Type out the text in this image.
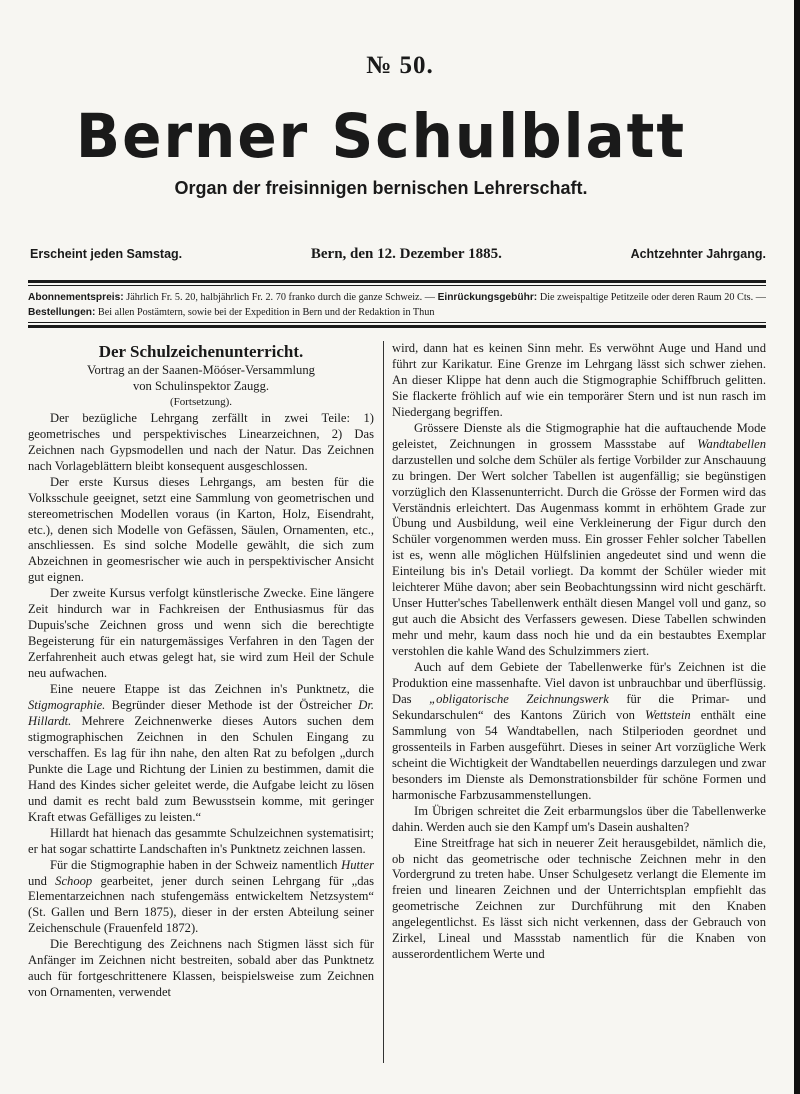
№ 50.
Berner Schulblatt
Organ der freisinnigen bernischen Lehrerschaft.
Erscheint jeden Samstag.	Bern, den 12. Dezember 1885.	Achtzehnter Jahrgang.
Abonnementspreis: Jährlich Fr. 5. 20, halbjährlich Fr. 2. 70 franko durch die ganze Schweiz. — Einrückungsgebühr: Die zweispaltige Petitzeile oder deren Raum 20 Cts. — Bestellungen: Bei allen Postämtern, sowie bei der Expedition in Bern und der Redaktion in Thun

Der Schulzeichenunterricht.

Vortrag an der Saanen-Möóser-Versammlung

von Schulinspektor Zaugg.

(Fortsetzung).

Der bezügliche Lehrgang zerfällt in zwei Teile: 1) geometrisches und perspektivisches Linearzeichnen, 2) Das Zeichnen nach Gypsmodellen und nach der Natur. Das Zeichnen nach Vorlageblättern bleibt konsequent ausgeschlossen.

Der erste Kursus dieses Lehrgangs, am besten für die Volksschule geeignet, setzt eine Sammlung von geometrischen und stereometrischen Modellen voraus (in Karton, Holz, Eisendraht, etc.), denen sich Modelle von Gefässen, Säulen, Ornamenten, etc., anschliessen. Es sind solche Modelle gewählt, die sich zum Abzeichnen in geomesrischer wie auch in perspektivischer Ansicht gut eignen.

Der zweite Kursus verfolgt künstlerische Zwecke. Eine längere Zeit hindurch war in Fachkreisen der Enthusiasmus für das Dupuis'sche Zeichnen gross und wenn sich die berechtigte Begeisterung für ein naturgemässiges Verfahren in den Tagen der Zerfahrenheit auch etwas gelegt hat, sie wird zum Heil der Schule neu aufwachen.

Eine neuere Etappe ist das Zeichnen in's Punktnetz, die Stigmographie. Begründer dieser Methode ist der Östreicher Dr. Hillardt. Mehrere Zeichnenwerke dieses Autors suchen dem stigmographischen Zeichnen in den Schulen Eingang zu verschaffen. Es lag für ihn nahe, den alten Rat zu befolgen „durch Punkte die Lage und Richtung der Linien zu bestimmen, damit die Hand des Kindes sicher geleitet werde, die Aufgabe leicht zu lösen und damit es recht bald zum Bewusstsein komme, mit geringer Kraft etwas Gefälliges zu leisten.“

Hillardt hat hienach das gesammte Schulzeichnen systematisirt; er hat sogar schattirte Landschaften in's Punktnetz zeichnen lassen.

Für die Stigmographie haben in der Schweiz namentlich Hutter und Schoop gearbeitet, jener durch seinen Lehrgang für „das Elementarzeichnen nach stufengemäss entwickeltem Netzsystem“ (St. Gallen und Bern 1875), dieser in der ersten Abteilung seiner Zeichenschule (Frauenfeld 1872).

Die Berechtigung des Zeichnens nach Stigmen lässt sich für Anfänger im Zeichnen nicht bestreiten, sobald aber das Punktnetz auch für fortgeschrittenere Klassen, beispielsweise zum Zeichnen von Ornamenten, verwendet

wird, dann hat es keinen Sinn mehr. Es verwöhnt Auge und Hand und führt zur Karikatur. Eine Grenze im Lehrgang lässt sich schwer ziehen. An dieser Klippe hat denn auch die Stigmographie Schiffbruch gelitten. Sie flackerte fröhlich auf wie ein temporärer Stern und ist nun rasch im Niedergang begriffen.

Grössere Dienste als die Stigmographie hat die auftauchende Mode geleistet, Zeichnungen in grossem Massstabe auf Wandtabellen darzustellen und solche dem Schüler als fertige Vorbilder zur Anschauung zu bringen. Der Wert solcher Tabellen ist augenfällig; sie begünstigen vorzüglich den Klassenunterricht. Durch die Grösse der Formen wird das Verständnis erleichtert. Das Augenmass kommt in erhöhtem Grade zur Übung und Ausbildung, weil eine Verkleinerung der Figur durch den Schüler vorgenommen werden muss. Ein grosser Fehler solcher Tabellen ist es, wenn alle möglichen Hülfslinien angedeutet sind und wenn die Einteilung bis in's Detail vorliegt. Da kommt der Schüler wieder mit leichterer Mühe davon; aber sein Beobachtungssinn wird nicht geschärft. Unser Hutter'sches Tabellenwerk enthält diesen Mangel voll und ganz, so gut auch die Absicht des Verfassers gewesen. Diese Tabellen schwinden mehr und mehr, kaum dass noch hie und da ein bestaubtes Exemplar verstohlen die kahle Wand des Schulzimmers ziert.

Auch auf dem Gebiete der Tabellenwerke für's Zeichnen ist die Produktion eine massenhafte. Viel davon ist unbrauchbar und überflüssig. Das „obligatorische Zeichnungswerk für die Primar- und Sekundarschulen“ des Kantons Zürich von Wettstein enthält eine Sammlung von 54 Wandtabellen, nach Stilperioden geordnet und grossenteils in Farben ausgeführt. Dieses in seiner Art vorzügliche Werk scheint die Wichtigkeit der Wandtabellen neuerdings darzulegen und zwar besonders im Dienste als Demonstrationsbilder für schöne Formen und harmonische Farbzusammenstellungen.

Im Übrigen schreitet die Zeit erbarmungslos über die Tabellenwerke dahin. Werden auch sie den Kampf um's Dasein aushalten?

Eine Streitfrage hat sich in neuerer Zeit herausgebildet, nämlich die, ob nicht das geometrische oder technische Zeichnen mehr in den Vordergrund zu treten habe. Unser Schulgesetz verlangt die Elemente im freien und linearen Zeichnen und der Unterrichtsplan empfiehlt das geometrische Zeichnen zur Durchführung mit den Knaben angelegentlichst. Es lässt sich nicht verkennen, dass der Gebrauch von Zirkel, Lineal und Massstab namentlich für die Knaben von ausserordentlichem Werte und
